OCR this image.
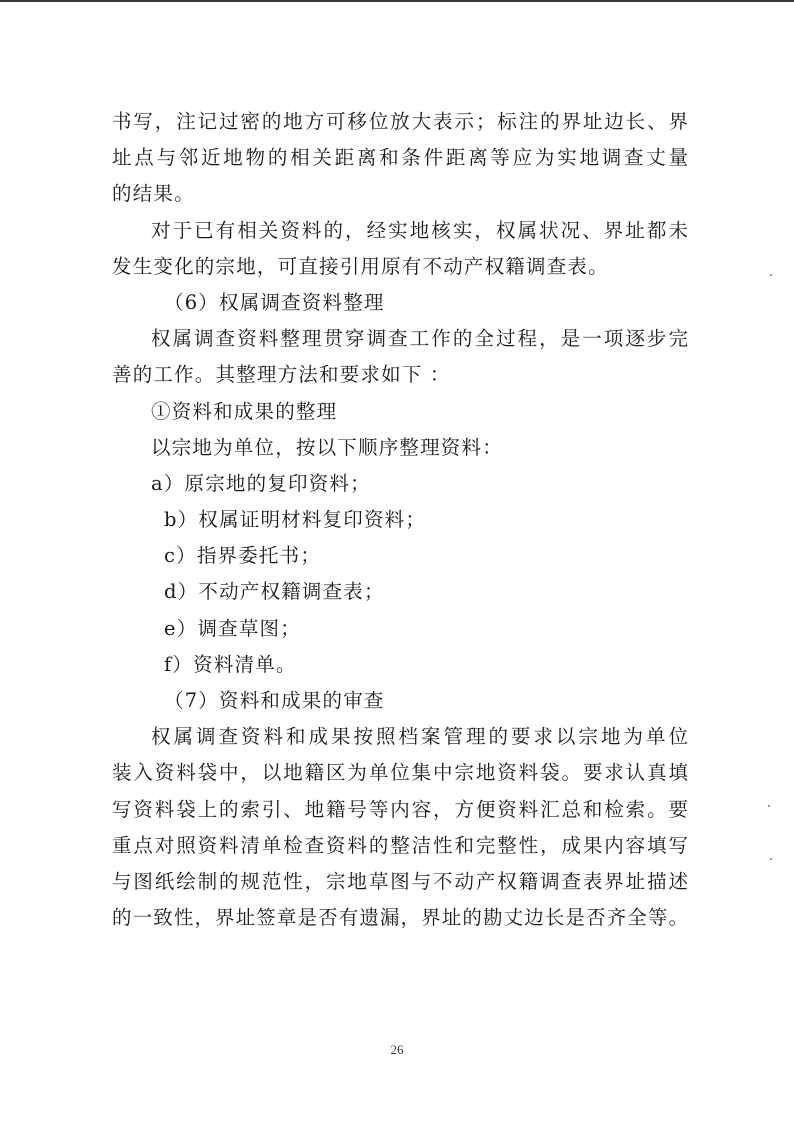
书写，注记过密的地方可移位放大表示；标注的界址边长、界
址点与邻近地物的相关距离和条件距离等应为实地调查丈量
的结果。
对于已有相关资料的，经实地核实，权属状况、界址都未
发生变化的宗地，可直接引用原有不动产权籍调查表。
（6）权属调查资料整理
权属调查资料整理贯穿调查工作的全过程，是一项逐步完
善的工作。其整理方法和要求如下 ：
①资料和成果的整理
以宗地为单位，按以下顺序整理资料：
a）原宗地的复印资料；
b）权属证明材料复印资料；
c）指界委托书；
d）不动产权籍调查表；
e）调查草图；
f）资料清单。
（7）资料和成果的审查
权属调查资料和成果按照档案管理的要求以宗地为单位
装入资料袋中，以地籍区为单位集中宗地资料袋。要求认真填
写资料袋上的索引、地籍号等内容，方便资料汇总和检索。要
重点对照资料清单检查资料的整洁性和完整性，成果内容填写
与图纸绘制的规范性，宗地草图与不动产权籍调查表界址描述
的一致性，界址签章是否有遗漏，界址的勘丈边长是否齐全等。
26
